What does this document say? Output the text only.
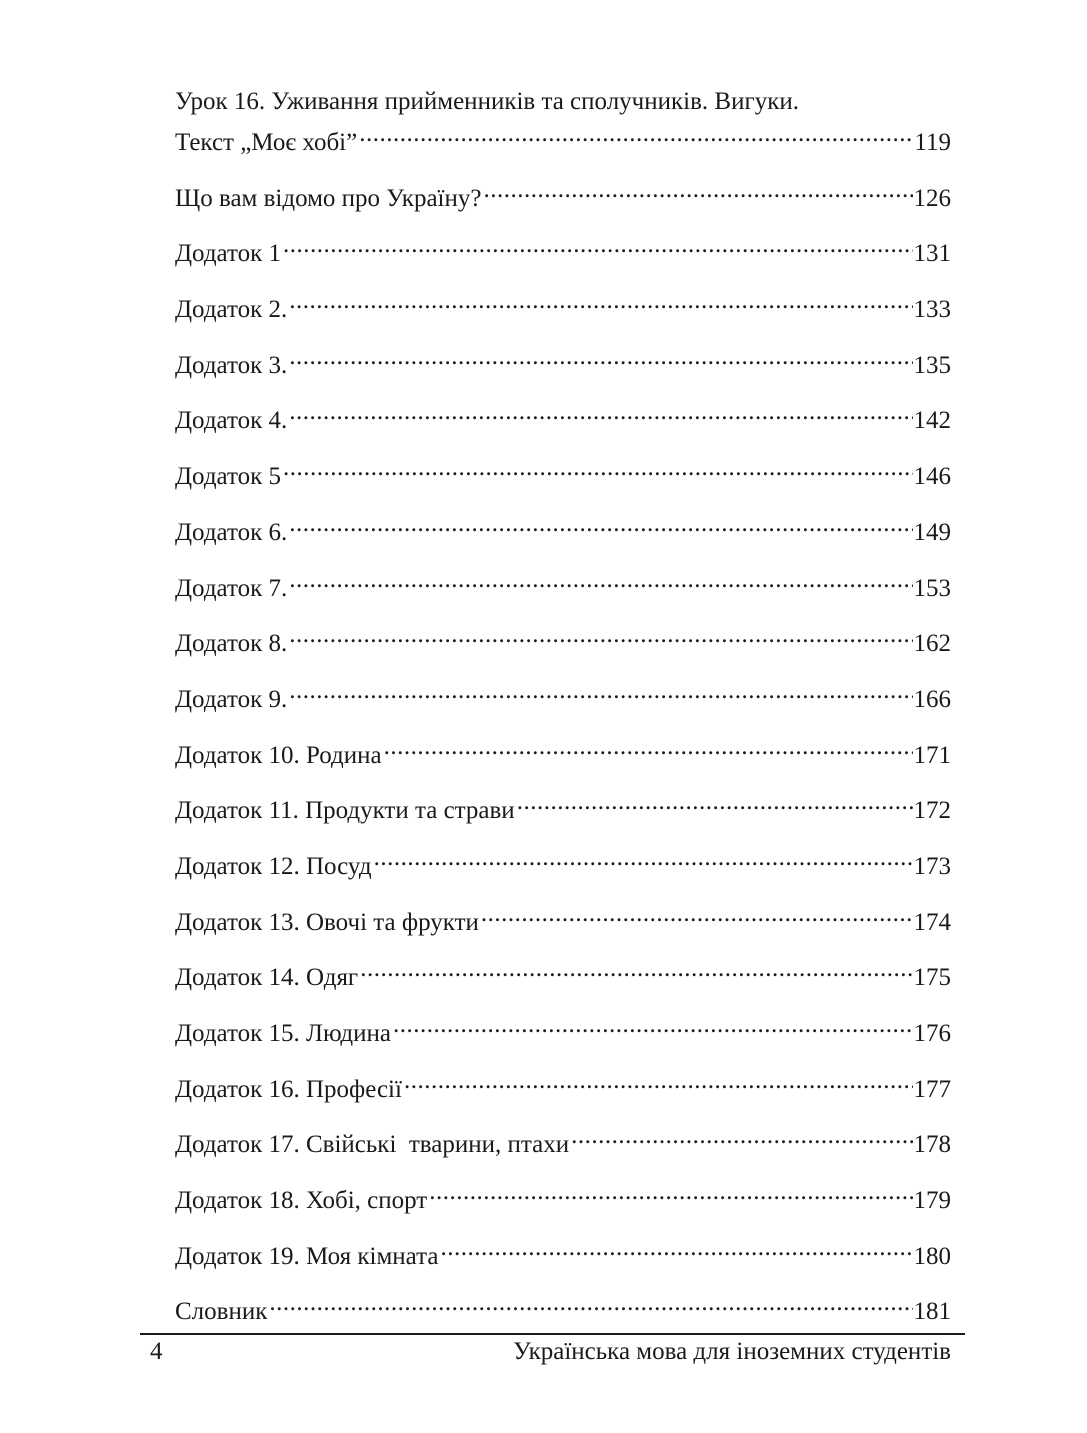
Урок 16. Уживання прийменників та сполучників. Вигуки.
Текст „Моє хобі” .....	119
Що вам відомо про Україну? .....	126
Додаток 1 .....	131
Додаток 2. .....	133
Додаток 3. .....	135
Додаток 4. .....	142
Додаток 5 .....	146
Додаток 6. .....	149
Додаток 7. .....	153
Додаток 8. .....	162
Додаток 9. .....	166
Додаток 10. Родина .....	171
Додаток 11. Продукти та страви .....	172
Додаток 12. Посуд .....	173
Додаток 13. Овочі та фрукти .....	174
Додаток 14. Одяг .....	175
Додаток 15. Людина .....	176
Додаток 16. Професії .....	177
Додаток 17. Свійські  тварини, птахи .....	178
Додаток 18. Хобі, спорт .....	179
Додаток 19. Моя кімната .....	180
Словник .....	181
4	Українська мова для іноземних студентів
